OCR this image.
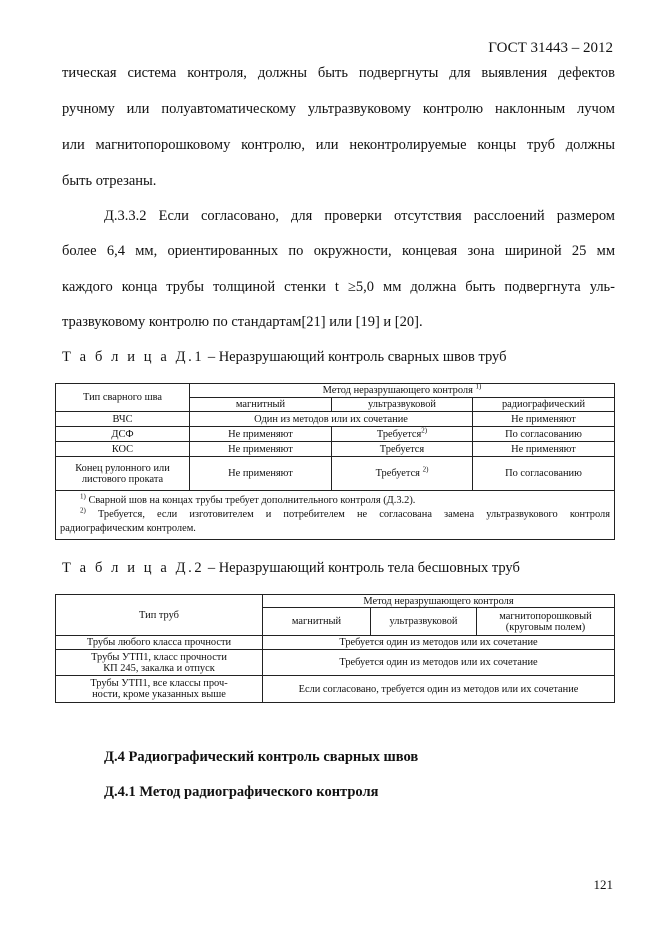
ГОСТ 31443 – 2012
тическая система контроля, должны быть подвергнуты для выявления дефектов
ручному или полуавтоматическому ультразвуковому контролю наклонным лучом
или магнитопорошковому контролю, или неконтролируемые концы труб должны
быть отрезаны.
Д.3.3.2 Если согласовано, для проверки отсутствия расслоений размером
более 6,4 мм, ориентированных по окружности, концевая зона шириной 25 мм
каждого конца трубы толщиной стенки t ≥5,0 мм должна быть подвергнута уль-
тразвуковому контролю по стандартам[21] или [19] и [20].
Т а б л и ц а Д.1 – Неразрушающий контроль сварных швов труб
Тип сварного шва	Метод неразрушающего контроля $^{1)}$
	магнитный	ультразвуковой	радиографический
ВЧС	Один из методов или их сочетание		Не применяют
ДСФ	Не применяют	Требуется$^{2)}$	По согласованию
КОС	Не применяют	Требуется	Не применяют
Конец рулонного или
листового проката	Не применяют	Требуется $^{2)}$	По согласованию
$^{1)}$ Сварной шов на концах трубы требует дополнительного контроля (Д.3.2).
$^{2)}$ Требуется, если изготовителем и потребителем не согласована замена ультразвукового контроля
радиографическим контролем.			
Т а б л и ц а Д.2 – Неразрушающий контроль тела бесшовных труб
Тип труб	Метод неразрушающего контроля		
	магнитный	ультразвуковой	магнитопорошковый
(круговым полем)
Трубы любого класса прочности	Требуется один из методов или их сочетание		
Трубы УТП1, класс прочности
КП 245, закалка и отпуск	Требуется один из методов или их сочетание		
Трубы УТП1, все классы проч-
ности, кроме указанных выше	Если согласовано, требуется один из методов или их сочетание		
Д.4 Радиографический контроль сварных швов
Д.4.1 Метод радиографического контроля
121
